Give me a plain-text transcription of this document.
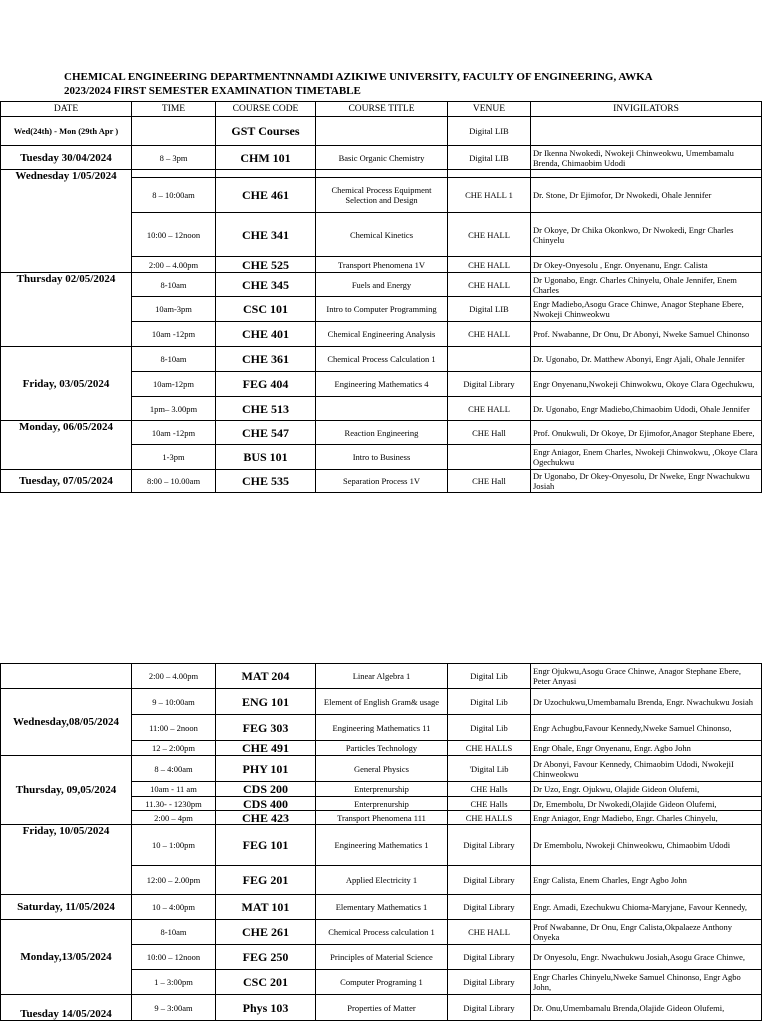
CHEMICAL ENGINEERING DEPARTMENTNNAMDI AZIKIWE UNIVERSITY, FACULTY OF ENGINEERING, AWKA
2023/2024 FIRST SEMESTER EXAMINATION TIMETABLE
DATE	TIME	COURSE CODE	COURSE TITLE	VENUE	INVIGILATORS
Wed(24th) - Mon (29th Apr )		GST Courses		Digital LIB	
Tuesday 30/04/2024	8 – 3pm	CHM 101	Basic Organic Chemistry	Digital LIB	Dr Ikenna Nwokedi, Nwokeji Chinweokwu, Umembamalu Brenda, Chimaobim Udodi
Wednesday 1/05/2024					
	8 – 10:00am	CHE 461	Chemical Process Equipment Selection and Design	CHE HALL 1	Dr. Stone, Dr Ejimofor, Dr Nwokedi, Ohale Jennifer
	10:00 – 12noon	CHE 341	Chemical Kinetics	CHE HALL	Dr Okoye, Dr Chika Okonkwo, Dr Nwokedi, Engr Charles Chinyelu
	2:00 – 4.00pm	CHE 525	Transport Phenomena 1V	CHE HALL	Dr Okey-Onyesolu , Engr. Onyenanu, Engr. Calista
Thursday 02/05/2024	8-10am	CHE 345	Fuels and Energy	CHE HALL	Dr Ugonabo, Engr. Charles Chinyelu, Ohale Jennifer, Enem Charles
	10am-3pm	CSC 101	Intro to Computer Programming	Digital LIB	Engr Madiebo,Asogu Grace Chinwe, Anagor Stephane Ebere, Nwokeji Chinweokwu
	10am -12pm	CHE 401	Chemical Engineering Analysis	CHE HALL	Prof. Nwabanne, Dr Onu, Dr Abonyi, Nweke Samuel Chinonso
Friday, 03/05/2024	8-10am	CHE 361	Chemical Process Calculation 1		Dr. Ugonabo, Dr. Matthew Abonyi, Engr Ajali, Ohale Jennifer
	10am-12pm	FEG 404	Engineering Mathematics 4	Digital Library	Engr Onyenanu,Nwokeji Chinwokwu, Okoye Clara Ogechukwu,
	1pm– 3.00pm	CHE 513		CHE HALL	Dr. Ugonabo, Engr Madiebo,Chimaobim Udodi, Ohale Jennifer
Monday, 06/05/2024	10am -12pm	CHE 547	Reaction Engineering	CHE Hall	Prof. Onukwuli, Dr Okoye, Dr Ejimofor,Anagor Stephane Ebere,
	1-3pm	BUS 101	Intro to Business		Engr Aniagor, Enem Charles, Nwokeji Chinwokwu, ,Okoye Clara Ogechukwu
Tuesday, 07/05/2024	8:00 – 10.00am	CHE 535	Separation Process 1V	CHE Hall	Dr Ugonabo, Dr Okey-Onyesolu, Dr Nweke, Engr Nwachukwu Josiah
	2:00 – 4.00pm	MAT 204	Linear Algebra 1	Digital Lib	Engr Ojukwu,Asogu Grace Chinwe, Anagor Stephane Ebere, Peter Anyasi
Wednesday,08/05/2024	9 – 10:00am	ENG 101	Element of English Gram& usage	Digital Lib	Dr Uzochukwu,Umembamalu Brenda, Engr. Nwachukwu Josiah
	11:00 – 2noon	FEG 303	Engineering Mathematics 11	Digital Lib	Engr Achugbu,Favour Kennedy,Nweke Samuel Chinonso,
	12 – 2:00pm	CHE 491	Particles Technology	CHE HALLS	Engr Ohale, Engr Onyenanu, Engr. Agbo John
Thursday, 09,05/2024	8 – 4:00am	PHY 101	General Physics	'Digital Lib	Dr Abonyi, Favour Kennedy, Chimaobim Udodi, NwokejiI Chinweokwu
	10am - 11 am	CDS 200	Enterprenurship	CHE Halls	Dr Uzo, Engr. Ojukwu, Olajide Gideon Olufemi,
	11.30- - 1230pm	CDS 400	Enterprenurship	CHE Halls	Dr, Emembolu, Dr Nwokedi,Olajide Gideon Olufemi,
	2:00 – 4pm	CHE 423	Transport Phenomena 111	CHE HALLS	Engr Aniagor, Engr Madiebo, Engr. Charles Chinyelu,
Friday, 10/05/2024	10 – 1:00pm	FEG 101	Engineering Mathematics 1	Digital Library	Dr Emembolu, Nwokeji Chinweokwu, Chimaobim Udodi
	12:00 – 2.00pm	FEG 201	Applied Electricity 1	Digital Library	Engr Calista, Enem Charles, Engr Agbo John
Saturday, 11/05/2024	10 – 4:00pm	MAT 101	Elementary Mathematics 1	Digital Library	Engr. Amadi, Ezechukwu Chioma-Maryjane, Favour Kennedy,
Monday,13/05/2024	8-10am	CHE 261	Chemical Process calculation 1	CHE HALL	Prof Nwabanne, Dr Onu, Engr Calista,Okpalaeze Anthony Onyeka
	10:00 – 12noon	FEG 250	Principles of Material Science	Digital Library	Dr Onyesolu, Engr. Nwachukwu Josiah,Asogu Grace Chinwe,
	1 – 3:00pm	CSC 201	Computer Programing 1	Digital Library	Engr Charles Chinyelu,Nweke Samuel Chinonso, Engr Agbo John,
Tuesday 14/05/2024	9 – 3:00am	Phys 103	Properties of Matter	Digital Library	Dr. Onu,Umembamalu Brenda,Olajide Gideon Olufemi,
